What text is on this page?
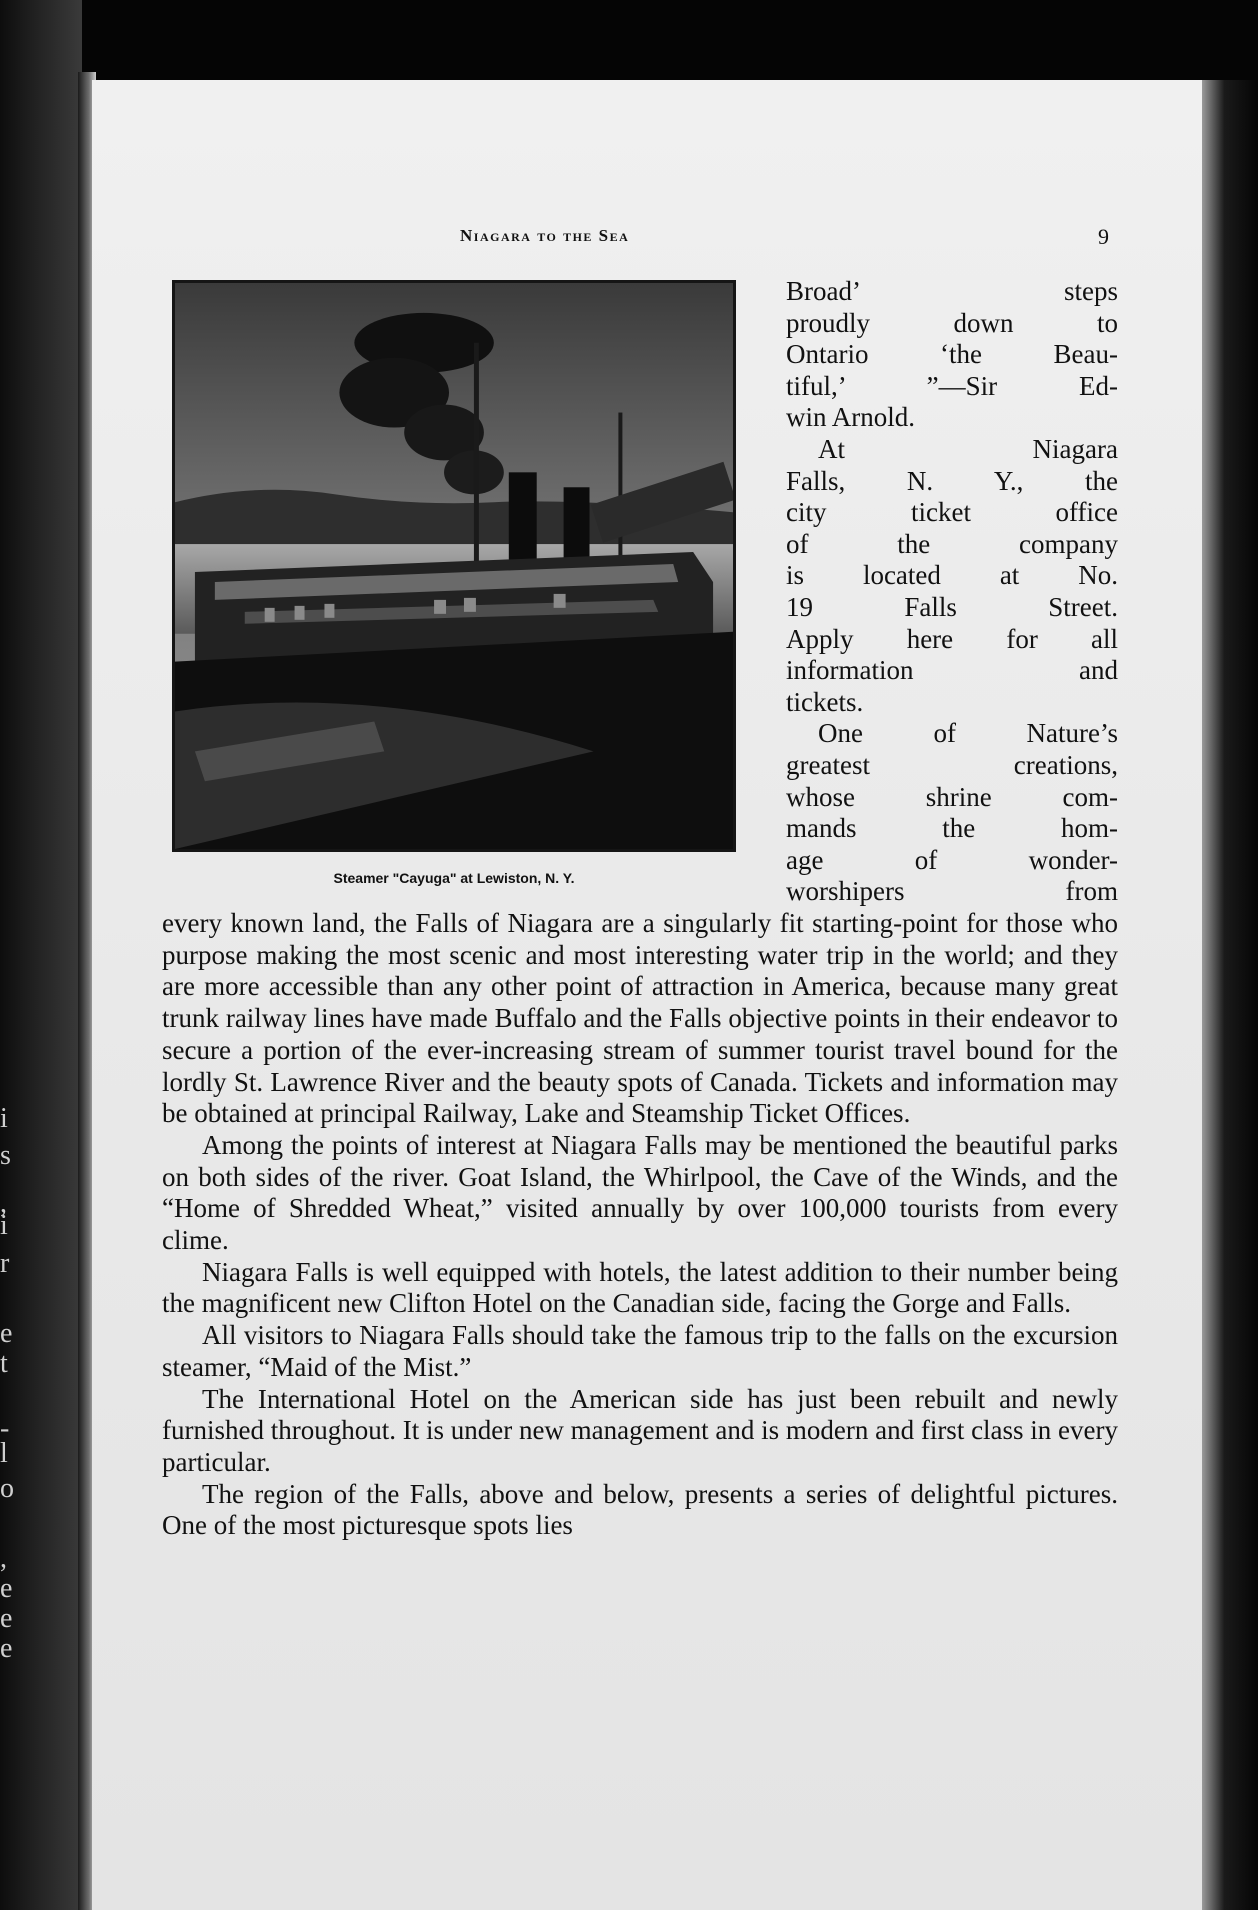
i
s
,
i
r
e
t
-
l
o
,
e
e
e
Niagara to the Sea	9
Steamer "Cayuga" at Lewiston, N. Y.

Broad’ steps

proudly down to

Ontario ‘the Beau-

tiful,’ ”—Sir Ed-

win Arnold.

At Niagara

Falls, N. Y., the

city ticket office

of the company

is located at No.

19 Falls Street.

Apply here for all

information and

tickets.

One of Nature’s

greatest creations,

whose shrine com-

mands the hom-

age of wonder-

worshipers from

every known land, the Falls of Niagara are a singularly fit starting-point for those who purpose making the most scenic and most interesting water trip in the world; and they are more accessible than any other point of attraction in America, because many great trunk railway lines have made Buffalo and the Falls objective points in their endeavor to secure a portion of the ever-increasing stream of summer tourist travel bound for the lordly St. Lawrence River and the beauty spots of Canada. Tickets and information may be obtained at principal Railway, Lake and Steamship Ticket Offices.

Among the points of interest at Niagara Falls may be mentioned the beautiful parks on both sides of the river. Goat Island, the Whirlpool, the Cave of the Winds, and the “Home of Shredded Wheat,” visited annually by over 100,000 tourists from every clime.

Niagara Falls is well equipped with hotels, the latest addition to their number being the magnificent new Clifton Hotel on the Canadian side, facing the Gorge and Falls.

All visitors to Niagara Falls should take the famous trip to the falls on the excursion steamer, “Maid of the Mist.”

The International Hotel on the American side has just been rebuilt and newly furnished throughout. It is under new management and is modern and first class in every particular.

The region of the Falls, above and below, presents a series of delightful pictures. One of the most picturesque spots lies
